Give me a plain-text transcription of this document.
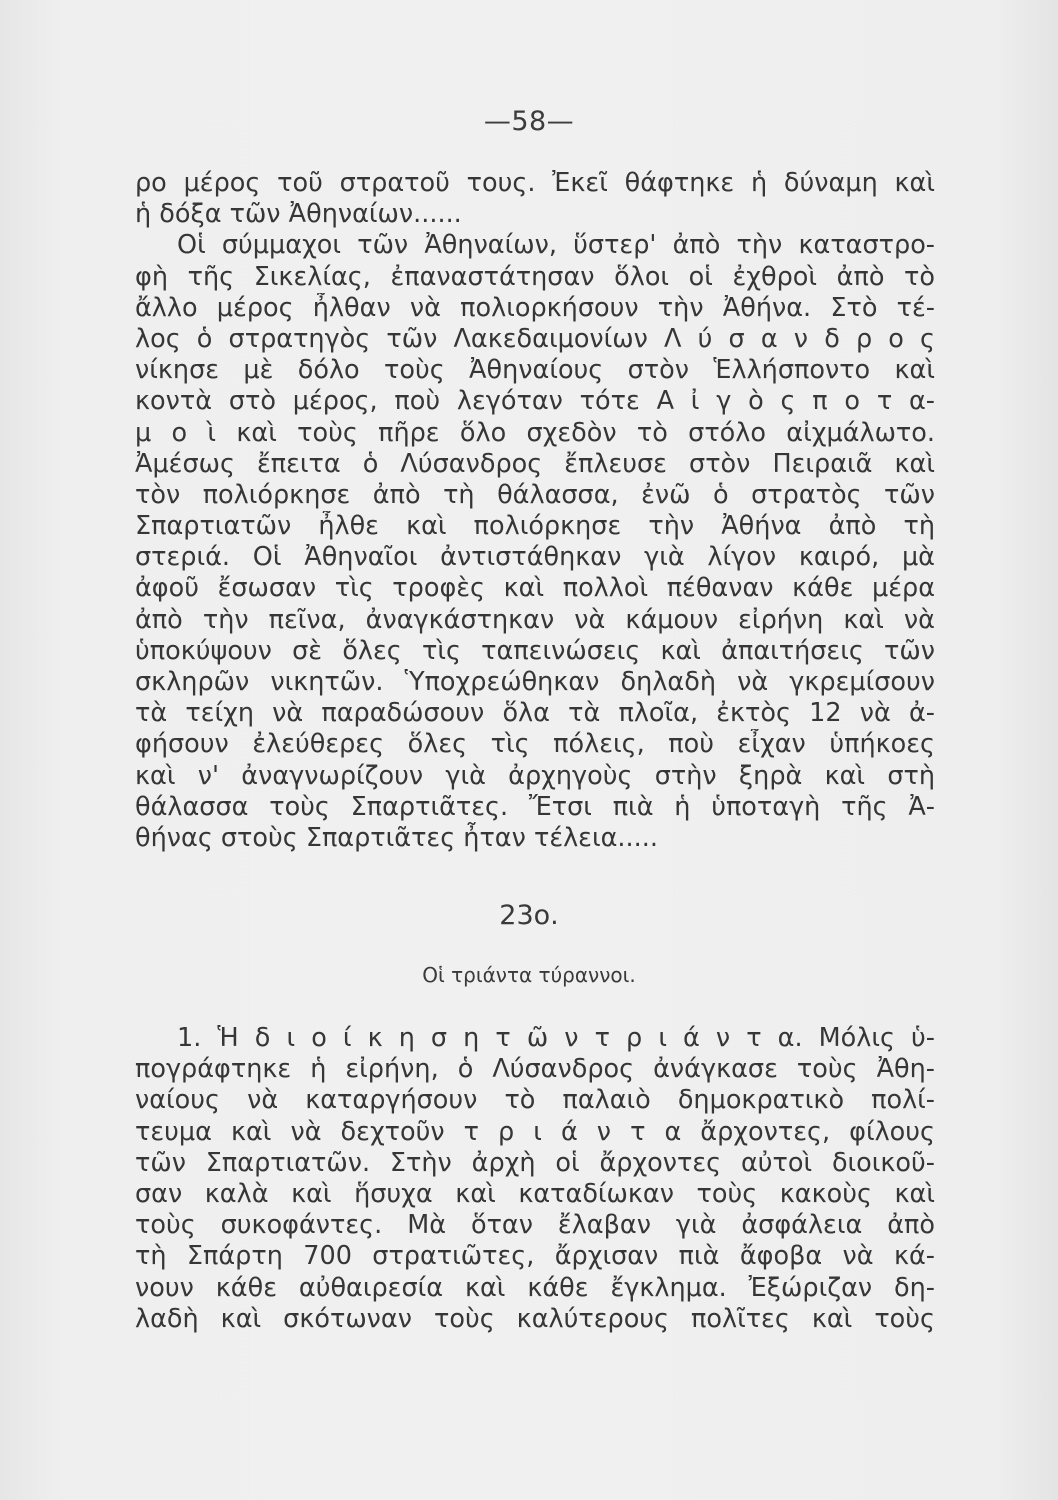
—58—
ρο μέρος τοῦ στρατοῦ τους. Ἐκεῖ θάφτηκε ἡ δύναμη καὶ
ἡ δόξα τῶν Ἀθηναίων......
Οἱ σύμμαχοι τῶν Ἀθηναίων, ὕστερ' ἀπὸ τὴν καταστρο-
φὴ τῆς Σικελίας, ἐπαναστάτησαν ὅλοι οἱ ἐχθροὶ ἀπὸ τὸ
ἄλλο μέρος ἦλθαν νὰ πολιορκήσουν τὴν Ἀθήνα. Στὸ τέ-
λος ὁ στρατηγὸς τῶν Λακεδαιμονίων Λ ύ σ α ν δ ρ ο ς
νίκησε μὲ δόλο τοὺς Ἀθηναίους στὸν Ἑλλήσποντο καὶ
κοντὰ στὸ μέρος, ποὺ λεγόταν τότε Α ἰ γ ὸ ς π ο τ α-
μ ο ὶ καὶ τοὺς πῆρε ὅλο σχεδὸν τὸ στόλο αἰχμάλωτο.
Ἀμέσως ἔπειτα ὁ Λύσανδρος ἔπλευσε στὸν Πειραιᾶ καὶ
τὸν πολιόρκησε ἀπὸ τὴ θάλασσα, ἐνῶ ὁ στρατὸς τῶν
Σπαρτιατῶν ἦλθε καὶ πολιόρκησε τὴν Ἀθήνα ἀπὸ τὴ
στεριά. Οἱ Ἀθηναῖοι ἀντιστάθηκαν γιὰ λίγον καιρό, μὰ
ἀφοῦ ἔσωσαν τὶς τροφὲς καὶ πολλοὶ πέθαναν κάθε μέρα
ἀπὸ τὴν πεῖνα, ἀναγκάστηκαν νὰ κάμουν εἰρήνη καὶ νὰ
ὑποκύψουν σὲ ὅλες τὶς ταπεινώσεις καὶ ἀπαιτήσεις τῶν
σκληρῶν νικητῶν. Ὑποχρεώθηκαν δηλαδὴ νὰ γκρεμίσουν
τὰ τείχη νὰ παραδώσουν ὅλα τὰ πλοῖα, ἐκτὸς 12 νὰ ἀ-
φήσουν ἐλεύθερες ὅλες τὶς πόλεις, ποὺ εἶχαν ὑπήκοες
καὶ ν' ἀναγνωρίζουν γιὰ ἀρχηγοὺς στὴν ξηρὰ καὶ στὴ
θάλασσα τοὺς Σπαρτιᾶτες. Ἔτσι πιὰ ἡ ὑποταγὴ τῆς Ἀ-
θήνας στοὺς Σπαρτιᾶτες ἦταν τέλεια.....
23ο.
Οἱ τριάντα τύραννοι.
1. Ἡ δ ι ο ί κ η σ η τ ῶ ν τ ρ ι ά ν τ α. Μόλις ὑ-
πογράφτηκε ἡ εἰρήνη, ὁ Λύσανδρος ἀνάγκασε τοὺς Ἀθη-
ναίους νὰ καταργήσουν τὸ παλαιὸ δημοκρατικὸ πολί-
τευμα καὶ νὰ δεχτοῦν τ ρ ι ά ν τ α ἄρχοντες, φίλους
τῶν Σπαρτιατῶν. Στὴν ἀρχὴ οἱ ἄρχοντες αὐτοὶ διοικοῦ-
σαν καλὰ καὶ ἥσυχα καὶ καταδίωκαν τοὺς κακοὺς καὶ
τοὺς συκοφάντες. Μὰ ὅταν ἔλαβαν γιὰ ἀσφάλεια ἀπὸ
τὴ Σπάρτη 700 στρατιῶτες, ἄρχισαν πιὰ ἄφοβα νὰ κά-
νουν κάθε αὐθαιρεσία καὶ κάθε ἔγκλημα. Ἐξώριζαν δη-
λαδὴ καὶ σκότωναν τοὺς καλύτερους πολῖτες καὶ τοὺς
